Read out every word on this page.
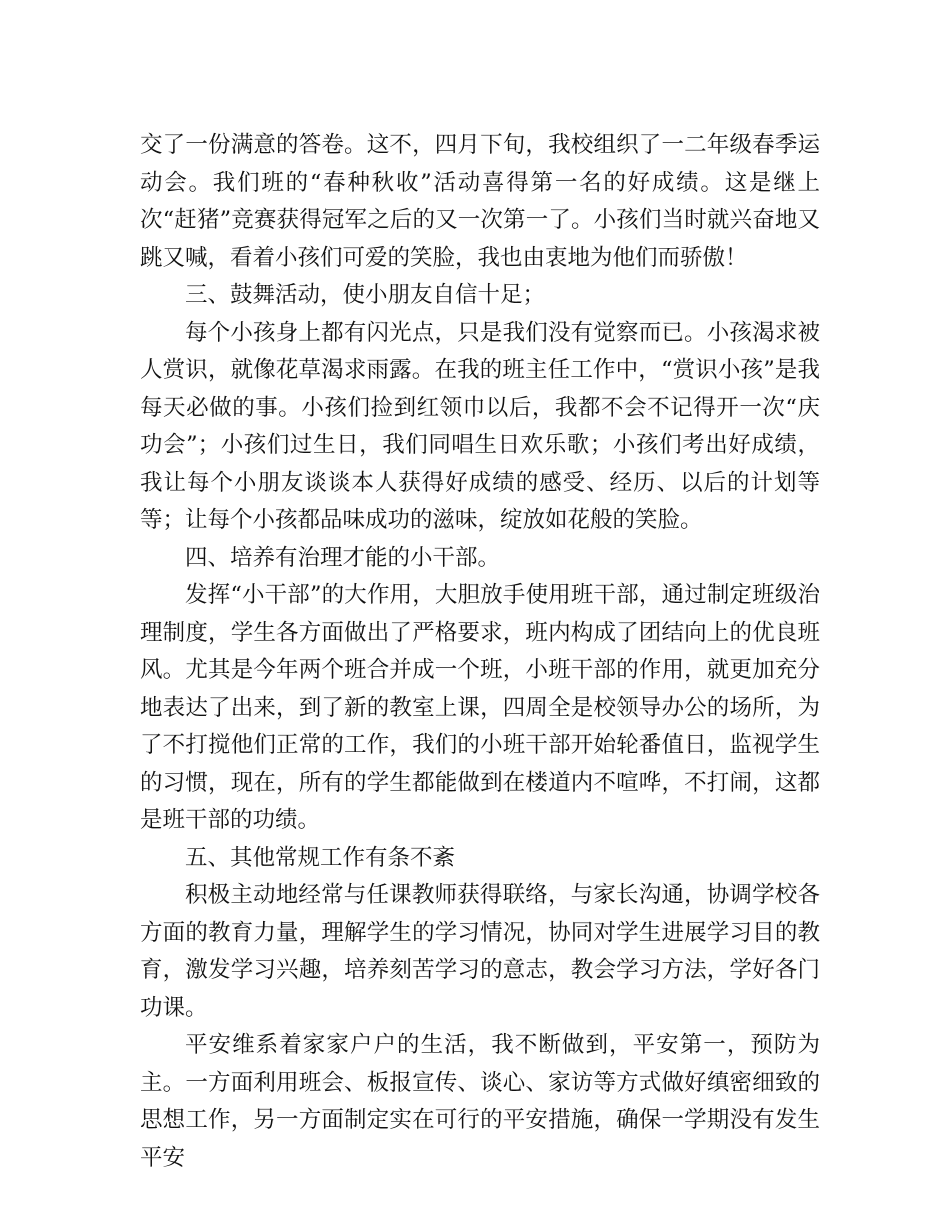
交了一份满意的答卷。这不，四月下旬，我校组织了一二年级春季运动会。我们班的“春种秋收”活动喜得第一名的好成绩。这是继上次“赶猪”竞赛获得冠军之后的又一次第一了。小孩们当时就兴奋地又跳又喊，看着小孩们可爱的笑脸，我也由衷地为他们而骄傲！

三、鼓舞活动，使小朋友自信十足；

每个小孩身上都有闪光点，只是我们没有觉察而已。小孩渴求被人赏识，就像花草渴求雨露。在我的班主任工作中，“赏识小孩”是我每天必做的事。小孩们捡到红领巾以后，我都不会不记得开一次“庆功会”；小孩们过生日，我们同唱生日欢乐歌；小孩们考出好成绩，我让每个小朋友谈谈本人获得好成绩的感受、经历、以后的计划等等；让每个小孩都品味成功的滋味，绽放如花般的笑脸。

四、培养有治理才能的小干部。

发挥“小干部”的大作用，大胆放手使用班干部，通过制定班级治理制度，学生各方面做出了严格要求，班内构成了团结向上的优良班风。尤其是今年两个班合并成一个班，小班干部的作用，就更加充分地表达了出来，到了新的教室上课，四周全是校领导办公的场所，为了不打搅他们正常的工作，我们的小班干部开始轮番值日，监视学生的习惯，现在，所有的学生都能做到在楼道内不喧哗，不打闹，这都是班干部的功绩。

五、其他常规工作有条不紊

积极主动地经常与任课教师获得联络，与家长沟通，协调学校各方面的教育力量，理解学生的学习情况，协同对学生进展学习目的教育，激发学习兴趣，培养刻苦学习的意志，教会学习方法，学好各门功课。

平安维系着家家户户的生活，我不断做到，平安第一，预防为主。一方面利用班会、板报宣传、谈心、家访等方式做好缜密细致的思想工作，另一方面制定实在可行的平安措施，确保一学期没有发生平安
